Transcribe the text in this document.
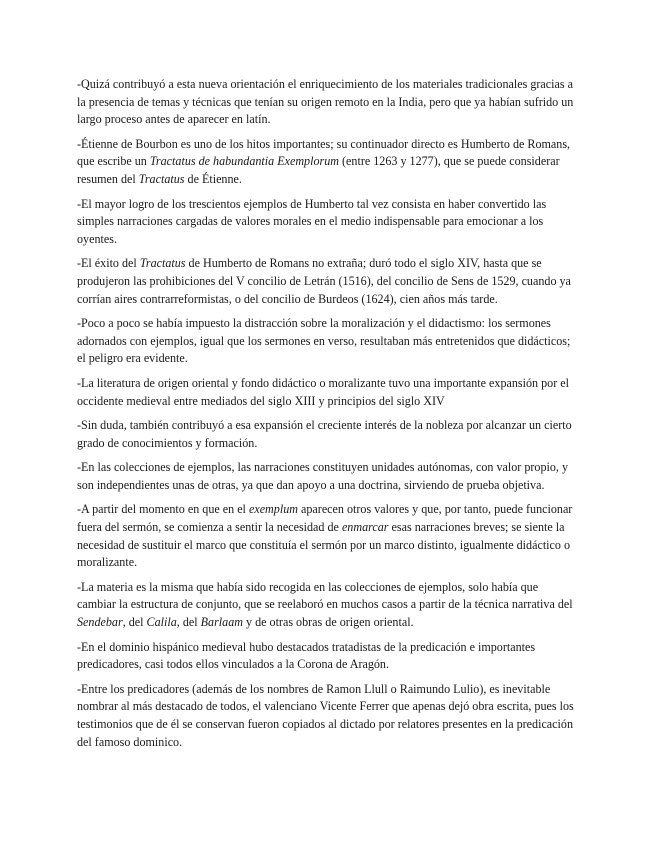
-Quizá contribuyó a esta nueva orientación el enriquecimiento de los materiales tradicionales gracias a la presencia de temas y técnicas que tenían su origen remoto en la India, pero que ya habían sufrido un largo proceso antes de aparecer en latín.

-Étienne de Bourbon es uno de los hitos importantes; su continuador directo es Humberto de Romans, que escribe un Tractatus de habundantia Exemplorum (entre 1263 y 1277), que se puede considerar resumen del Tractatus de Étienne.

-El mayor logro de los trescientos ejemplos de Humberto tal vez consista en haber convertido las simples narraciones cargadas de valores morales en el medio indispensable para emocionar a los oyentes.

-El éxito del Tractatus de Humberto de Romans no extraña; duró todo el siglo XIV, hasta que se produjeron las prohibiciones del V concilio de Letrán (1516), del concilio de Sens de 1529, cuando ya corrían aires contrarreformistas, o del concilio de Burdeos (1624), cien años más tarde.

-Poco a poco se había impuesto la distracción sobre la moralización y el didactismo: los sermones adornados con ejemplos, igual que los sermones en verso, resultaban más entretenidos que didácticos; el peligro era evidente.

-La literatura de origen oriental y fondo didáctico o moralizante tuvo una importante expansión por el occidente medieval entre mediados del siglo XIII y principios del siglo XIV

-Sin duda, también contribuyó a esa expansión el creciente interés de la nobleza por alcanzar un cierto grado de conocimientos y formación.

-En las colecciones de ejemplos, las narraciones constituyen unidades autónomas, con valor propio, y son independientes unas de otras, ya que dan apoyo a una doctrina, sirviendo de prueba objetiva.

-A partir del momento en que en el exemplum aparecen otros valores y que, por tanto, puede funcionar fuera del sermón, se comienza a sentir la necesidad de enmarcar esas narraciones breves; se siente la necesidad de sustituir el marco que constituía el sermón por un marco distinto, igualmente didáctico o moralizante.

-La materia es la misma que había sido recogida en las colecciones de ejemplos, solo había que cambiar la estructura de conjunto, que se reelaboró en muchos casos a partir de la técnica narrativa del Sendebar, del Calila, del Barlaam y de otras obras de origen oriental.

-En el dominio hispánico medieval hubo destacados tratadistas de la predicación e importantes predicadores, casi todos ellos vinculados a la Corona de Aragón.

-Entre los predicadores (además de los nombres de Ramon Llull o Raimundo Lulio), es inevitable nombrar al más destacado de todos, el valenciano Vicente Ferrer que apenas dejó obra escrita, pues los testimonios que de él se conservan fueron copiados al dictado por relatores presentes en la predicación del famoso dominico.
